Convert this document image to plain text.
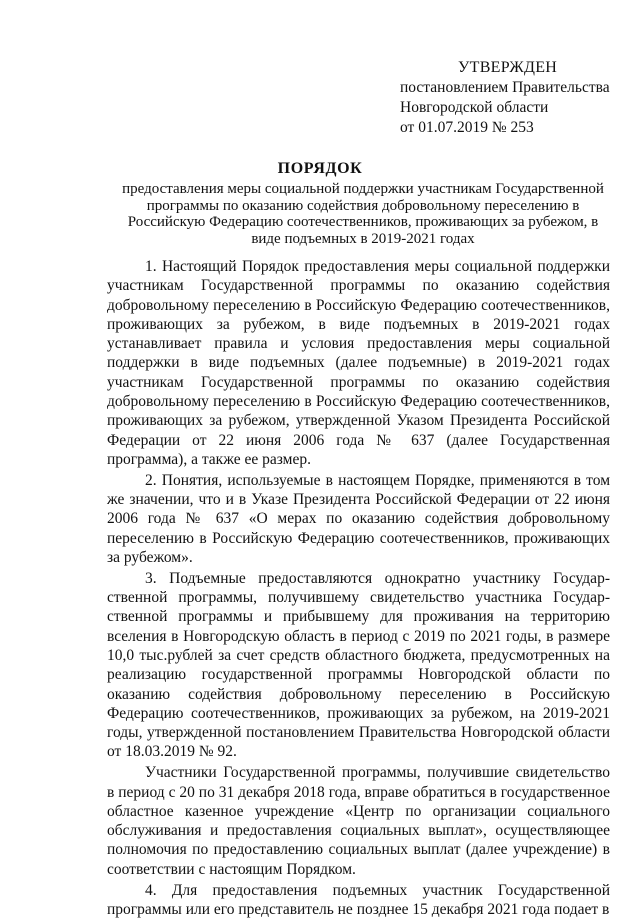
УТВЕРЖДЕН
постановлением Правительства
Новгородской области
от 01.07.2019 № 253
ПОРЯДОК
предоставления меры социальной поддержки участникам Государственной программы по оказанию содействия добровольному переселению в Российскую Федерацию соотечественников, проживающих за рубежом, в виде подъемных в 2019-2021 годах

1. Настоящий Порядок предоставления меры социальной поддержки участникам Государственной программы по оказанию содействия добровольному переселению в Российскую Федерацию соотечественников, проживающих за рубежом, в виде подъемных в 2019-2021 годах устанавливает правила и условия предоставления меры социальной поддержки в виде подъемных (далее подъемные) в 2019-2021 годах участникам Государственной программы по оказанию содействия добровольному переселению в Российскую Федерацию соотечественников, проживающих за рубежом, утвержденной Указом Президента Российской Федерации от 22 июня 2006 года № 637 (далее Государственная программа), а также ее размер.

2. Понятия, используемые в настоящем Порядке, применяются в том же значении, что и в Указе Президента Российской Федерации от 22 июня 2006 года № 637 «О мерах по оказанию содействия добровольному переселению в Российскую Федерацию соотечественников, проживающих за рубежом».

3. Подъемные предоставляются однократно участнику Государственной программы, получившему свидетельство участника Государственной программы и прибывшему для проживания на территорию вселения в Новгородскую область в период с 2019 по 2021 годы, в размере 10,0 тыс.рублей за счет средств областного бюджета, предусмотренных на реализацию государственной программы Новгородской области по оказанию содействия добровольному переселению в Российскую Федерацию соотечественников, проживающих за рубежом, на 2019-2021 годы, утвержденной постановлением Правительства Новгородской области от 18.03.2019 № 92.

Участники Государственной программы, получившие свидетельство в период с 20 по 31 декабря 2018 года, вправе обратиться в государственное областное казенное учреждение «Центр по организации социального обслуживания и предоставления социальных выплат», осуществляющее полномочия по предоставлению социальных выплат (далее учреждение) в соответствии с настоящим Порядком.

4. Для предоставления подъемных участник Государственной программы или его представитель не позднее 15 декабря 2021 года подает в
